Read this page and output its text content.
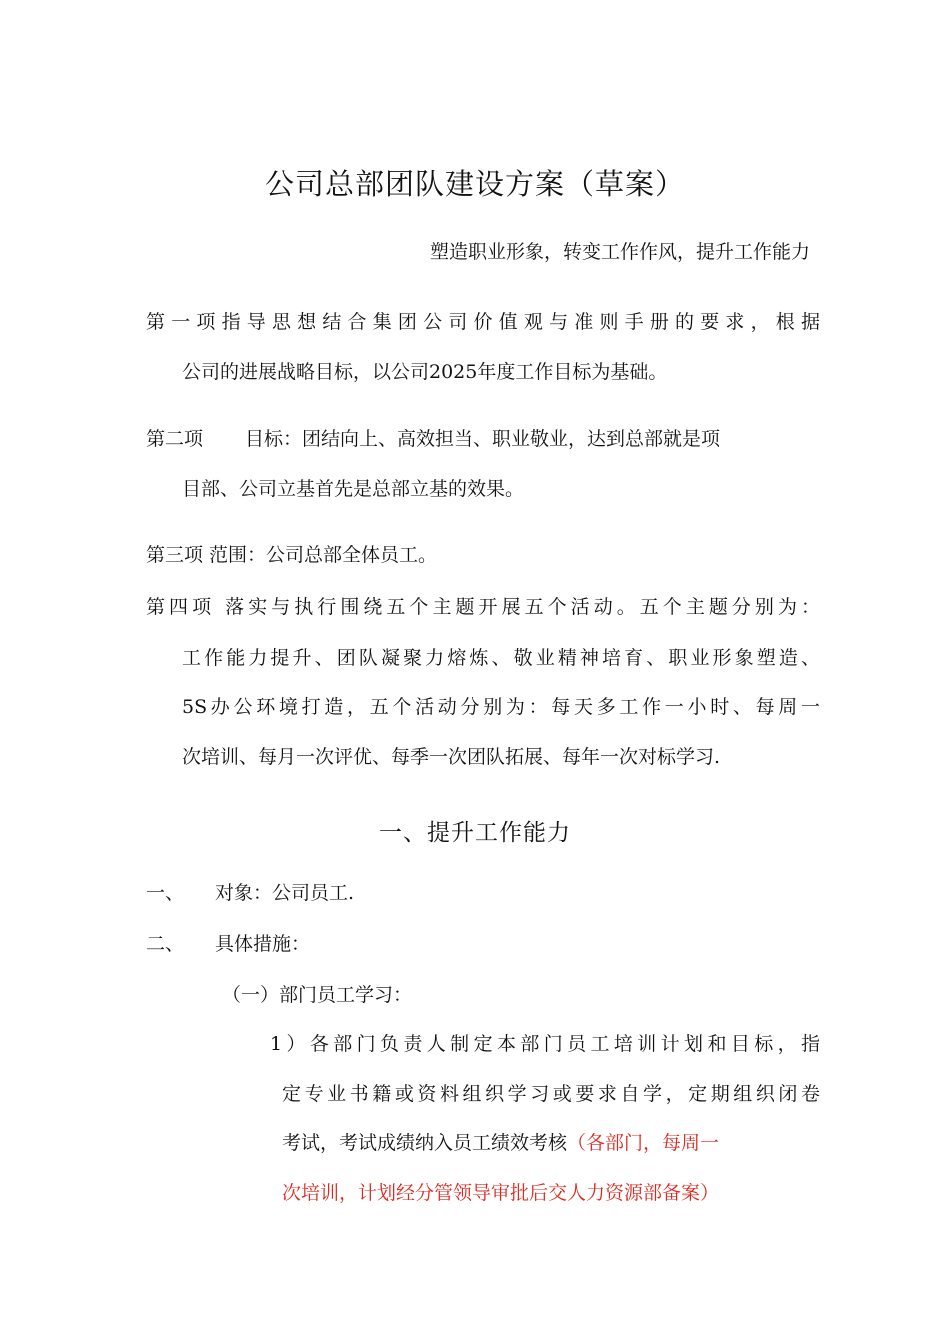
公司总部团队建设方案（草案）
塑造职业形象，转变工作作风，提升工作能力
第一项指导思想结合集团公司价值观与准则手册的要求，根据
公司的进展战略目标，以公司2025年度工作目标为基础。
第二项 目标：团结向上、高效担当、职业敬业，达到总部就是项
目部、公司立基首先是总部立基的效果。
第三项 范围：公司总部全体员工。
第四项 落实与执行围绕五个主题开展五个活动。五个主题分别为：
工作能力提升、团队凝聚力熔炼、敬业精神培育、职业形象塑造、
5S办公环境打造，五个活动分别为：每天多工作一小时、每周一
次培训、每月一次评优、每季一次团队拓展、每年一次对标学习.
一、提升工作能力
一、 对象：公司员工.
二、 具体措施：
（一）部门员工学习：
1）各部门负责人制定本部门员工培训计划和目标，指
定专业书籍或资料组织学习或要求自学，定期组织闭卷
考试，考试成绩纳入员工绩效考核（各部门，每周一
次培训，计划经分管领导审批后交人力资源部备案）
